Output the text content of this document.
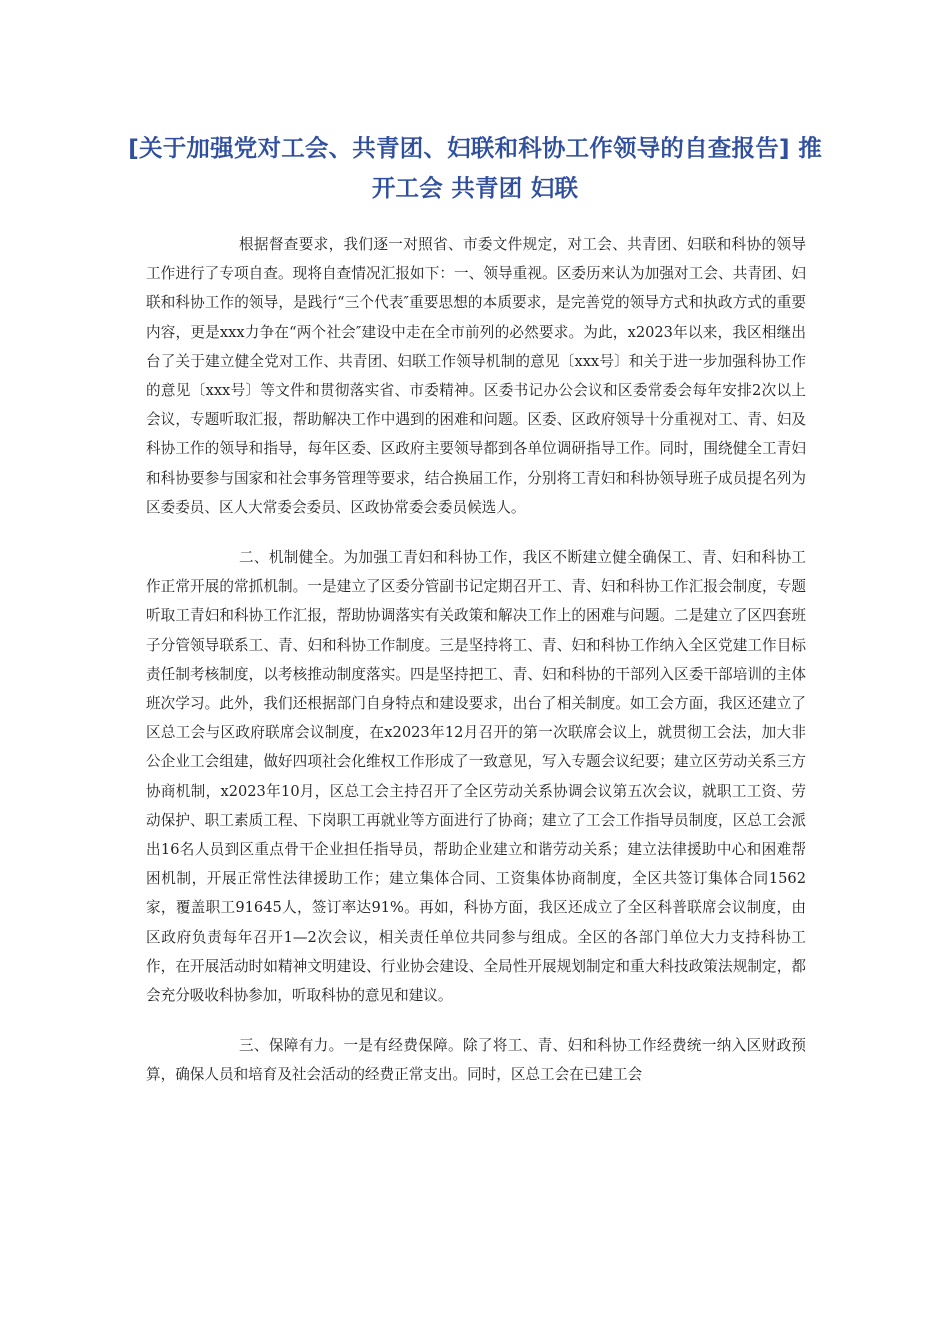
[关于加强党对工会、共青团、妇联和科协工作领导的自查报告] 推开工会 共青团 妇联

根据督查要求，我们逐一对照省、市委文件规定，对工会、共青团、妇联和科协的领导工作进行了专项自查。现将自查情况汇报如下：一、领导重视。区委历来认为加强对工会、共青团、妇联和科协工作的领导，是践行“三个代表″重要思想的本质要求，是完善党的领导方式和执政方式的重要内容，更是xxx力争在“两个社会″建设中走在全市前列的必然要求。为此，x2023年以来，我区相继出台了关于建立健全党对工作、共青团、妇联工作领导机制的意见〔xxx号〕和关于进一步加强科协工作的意见〔xxx号〕等文件和贯彻落实省、市委精神。区委书记办公会议和区委常委会每年安排2次以上会议，专题听取汇报，帮助解决工作中遇到的困难和问题。区委、区政府领导十分重视对工、青、妇及科协工作的领导和指导，每年区委、区政府主要领导都到各单位调研指导工作。同时，围绕健全工青妇和科协要参与国家和社会事务管理等要求，结合换届工作，分别将工青妇和科协领导班子成员提名列为区委委员、区人大常委会委员、区政协常委会委员候选人。

二、机制健全。为加强工青妇和科协工作，我区不断建立健全确保工、青、妇和科协工作正常开展的常抓机制。一是建立了区委分管副书记定期召开工、青、妇和科协工作汇报会制度，专题听取工青妇和科协工作汇报，帮助协调落实有关政策和解决工作上的困难与问题。二是建立了区四套班子分管领导联系工、青、妇和科协工作制度。三是坚持将工、青、妇和科协工作纳入全区党建工作目标责任制考核制度，以考核推动制度落实。四是坚持把工、青、妇和科协的干部列入区委干部培训的主体班次学习。此外，我们还根据部门自身特点和建设要求，出台了相关制度。如工会方面，我区还建立了区总工会与区政府联席会议制度，在x2023年12月召开的第一次联席会议上，就贯彻工会法，加大非公企业工会组建，做好四项社会化维权工作形成了一致意见，写入专题会议纪要；建立区劳动关系三方协商机制，x2023年10月，区总工会主持召开了全区劳动关系协调会议第五次会议，就职工工资、劳动保护、职工素质工程、下岗职工再就业等方面进行了协商；建立了工会工作指导员制度，区总工会派出16名人员到区重点骨干企业担任指导员，帮助企业建立和谐劳动关系；建立法律援助中心和困难帮困机制，开展正常性法律援助工作；建立集体合同、工资集体协商制度，全区共签订集体合同1562家，覆盖职工91645人，签订率达91%。再如，科协方面，我区还成立了全区科普联席会议制度，由区政府负责每年召开1—2次会议，相关责任单位共同参与组成。全区的各部门单位大力支持科协工作，在开展活动时如精神文明建设、行业协会建设、全局性开展规划制定和重大科技政策法规制定，都会充分吸收科协参加，听取科协的意见和建议。

三、保障有力。一是有经费保障。除了将工、青、妇和科协工作经费统一纳入区财政预算，确保人员和培育及社会活动的经费正常支出。同时，区总工会在已建工会
